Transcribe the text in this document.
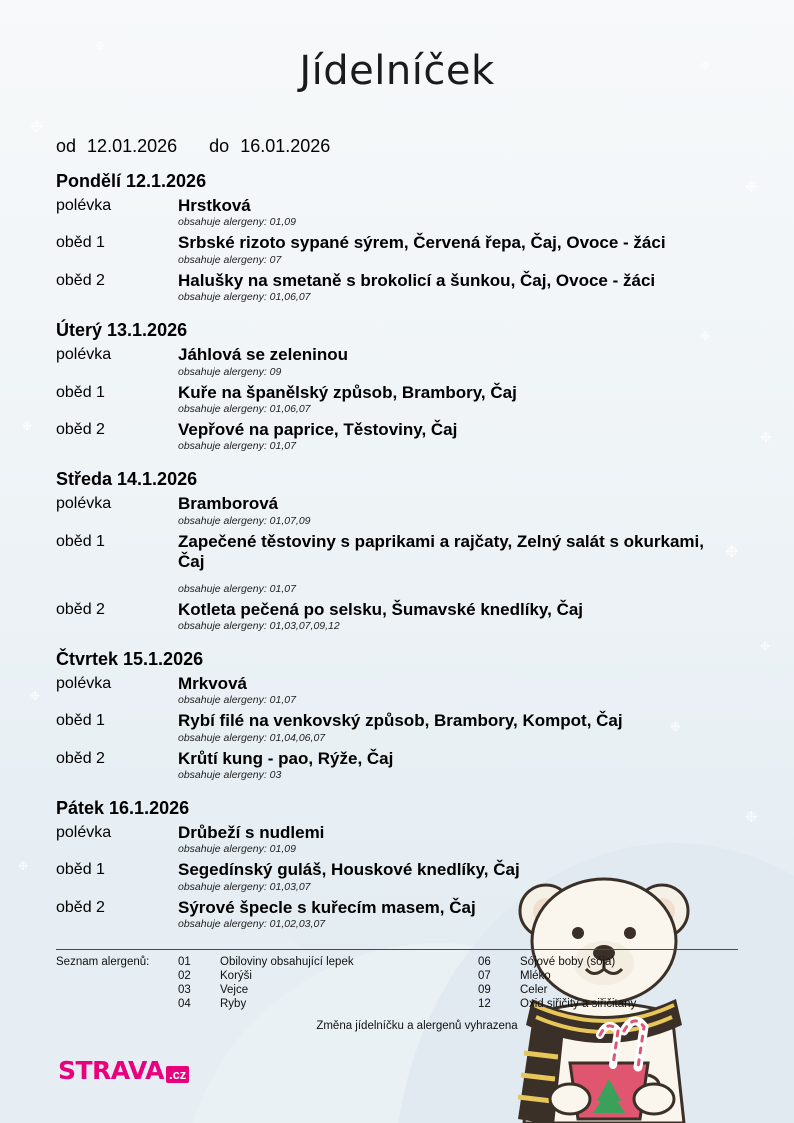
❉
❉
❉
❉
❉
❉
❉
❉
❉
❉
❉
❉
❉
Jídelníček
od 12.01.2026 do 16.01.2026
Pondělí 12.1.2026
polévka	Hrstková
obsahuje alergeny: 01,09
oběd 1	Srbské rizoto sypané sýrem, Červená řepa, Čaj, Ovoce - žáci
obsahuje alergeny: 07
oběd 2	Halušky na smetaně s brokolicí a šunkou, Čaj, Ovoce - žáci
obsahuje alergeny: 01,06,07
Úterý 13.1.2026
polévka	Jáhlová se zeleninou
obsahuje alergeny: 09
oběd 1	Kuře na španělský způsob, Brambory, Čaj
obsahuje alergeny: 01,06,07
oběd 2	Vepřové na paprice, Těstoviny, Čaj
obsahuje alergeny: 01,07
Středa 14.1.2026
polévka	Bramborová
obsahuje alergeny: 01,07,09
oběd 1	Zapečené těstoviny s paprikami a rajčaty, Zelný salát s okurkami, Čaj
obsahuje alergeny: 01,07
oběd 2	Kotleta pečená po selsku, Šumavské knedlíky, Čaj
obsahuje alergeny: 01,03,07,09,12
Čtvrtek 15.1.2026
polévka	Mrkvová
obsahuje alergeny: 01,07
oběd 1	Rybí filé na venkovský způsob, Brambory, Kompot, Čaj
obsahuje alergeny: 01,04,06,07
oběd 2	Krůtí kung - pao, Rýže, Čaj
obsahuje alergeny: 03
Pátek 16.1.2026
polévka	Drůbeží s nudlemi
obsahuje alergeny: 01,09
oběd 1	Segedínský guláš, Houskové knedlíky, Čaj
obsahuje alergeny: 01,03,07
oběd 2	Sýrové špecle s kuřecím masem, Čaj
obsahuje alergeny: 01,02,03,07
Seznam alergenů:	01	Obiloviny obsahující lepek
02	Korýši
03	Vejce
04	Ryby
06	Sójové boby (sója)
07	Mléko
09	Celer
12	Oxid siřičitý a siřičitany
Změna jídelníčku a alergenů vyhrazena
STRAVA .cz
